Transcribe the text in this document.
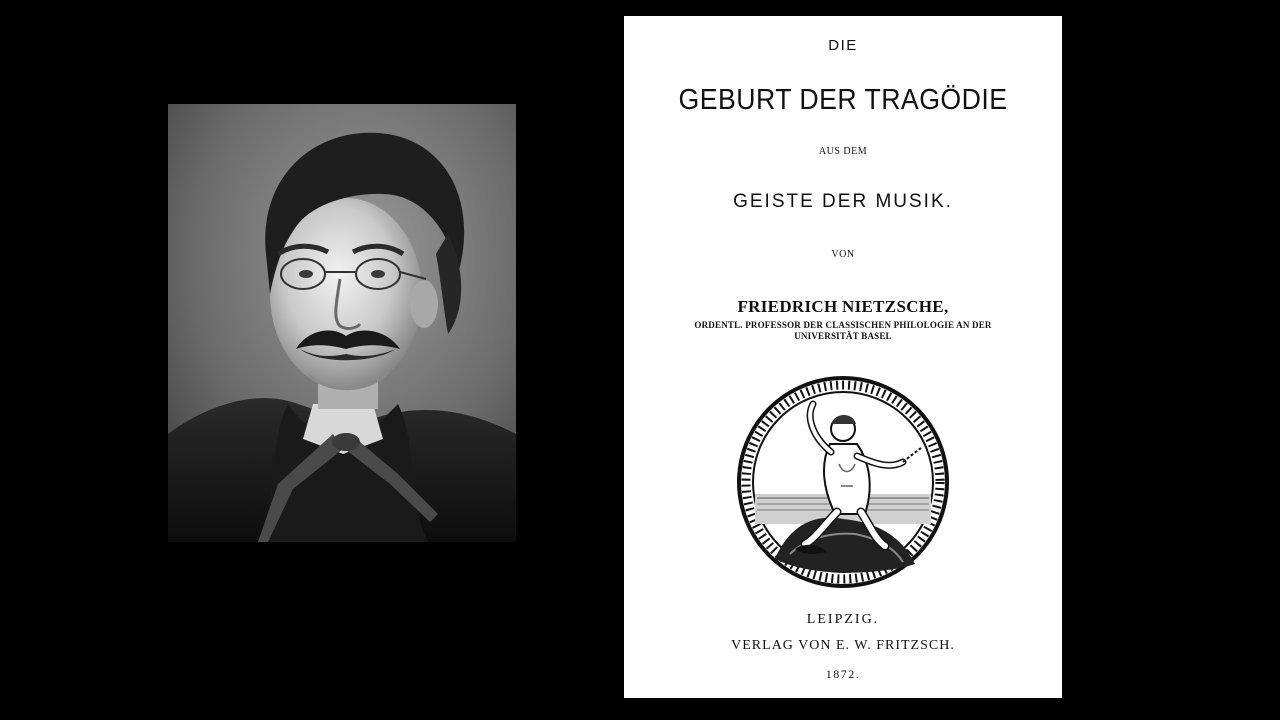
DIE
GEBURT DER TRAGÖDIE
AUS DEM
GEISTE DER MUSIK.
VON
FRIEDRICH NIETZSCHE,
ORDENTL. PROFESSOR DER CLASSISCHEN PHILOLOGIE AN DER
UNIVERSITÄT BASEL
LEIPZIG.
VERLAG VON E. W. FRITZSCH.
1872.
